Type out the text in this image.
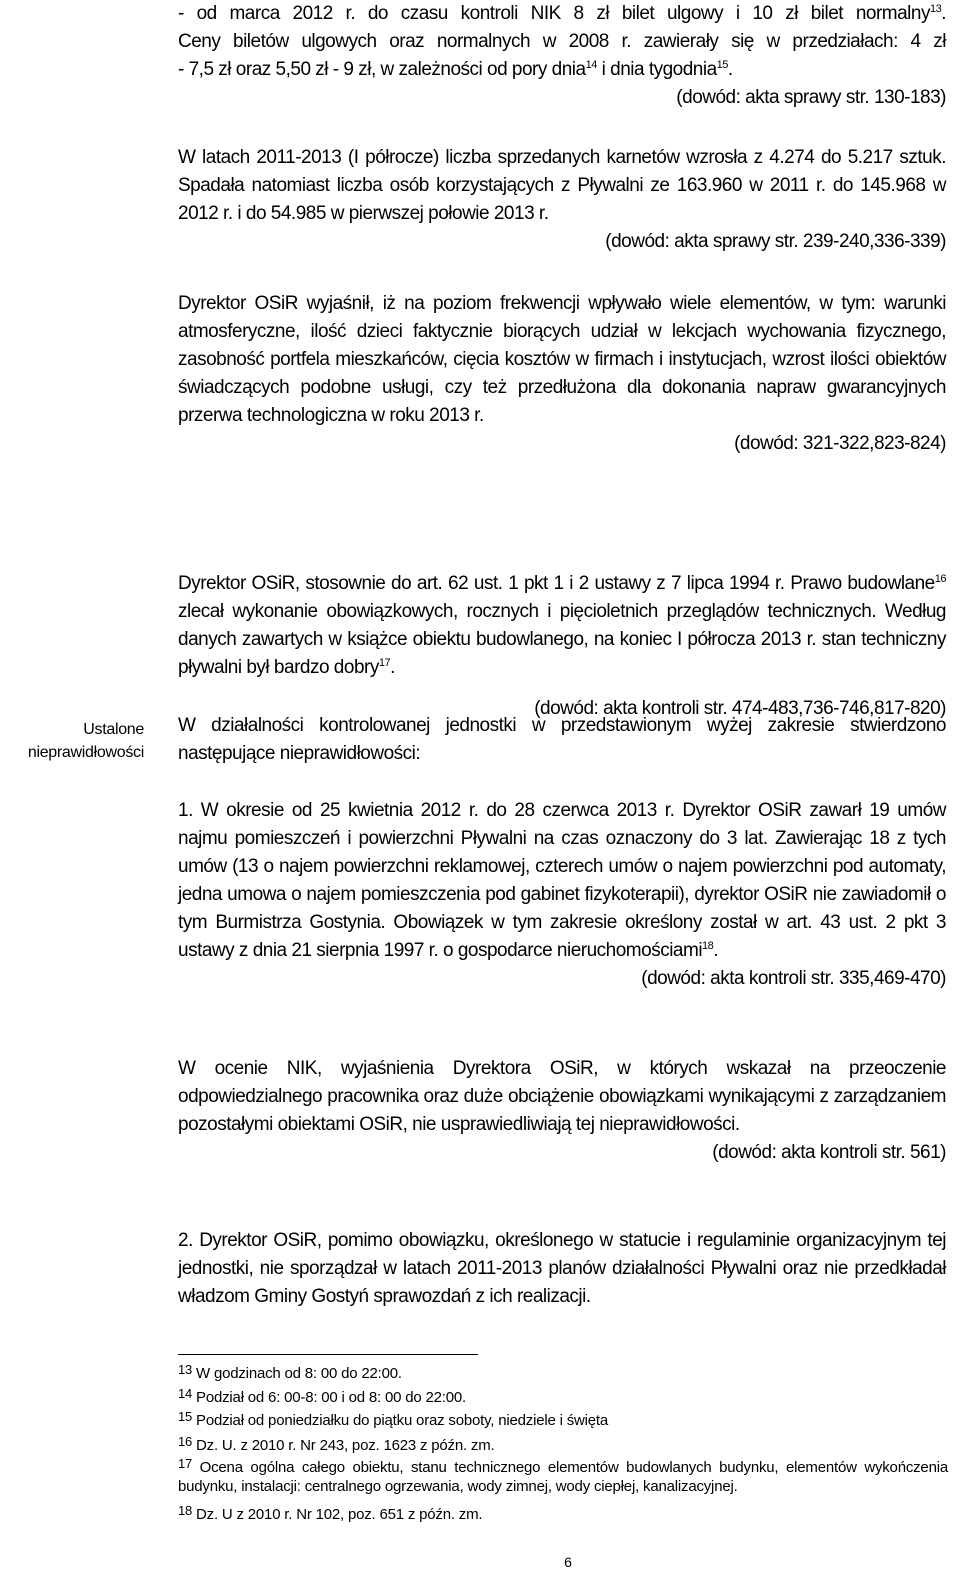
- od marca 2012 r. do czasu kontroli NIK 8 zł bilet ulgowy i 10 zł bilet normalny$^{13}$.

Ceny biletów ulgowych oraz normalnych w 2008 r. zawierały się w przedziałach: 4 zł

- 7,5 zł oraz 5,50 zł - 9 zł, w zależności od pory dnia$^{14}$ i dnia tygodnia$^{15}$.

(dowód: akta sprawy str. 130-183)

W latach 2011-2013 (I półrocze) liczba sprzedanych karnetów wzrosła z 4.274 do 5.217 sztuk. Spadała natomiast liczba osób korzystających z Pływalni ze 163.960 w 2011 r. do 145.968 w 2012 r. i do 54.985 w pierwszej połowie 2013 r.

(dowód: akta sprawy str. 239-240,336-339)

Dyrektor OSiR wyjaśnił, iż na poziom frekwencji wpływało wiele elementów, w tym: warunki atmosferyczne, ilość dzieci faktycznie biorących udział w lekcjach wychowania fizycznego, zasobność portfela mieszkańców, cięcia kosztów w firmach i instytucjach, wzrost ilości obiektów świadczących podobne usługi, czy też przedłużona dla dokonania napraw gwarancyjnych przerwa technologiczna w roku 2013 r.

(dowód: 321-322,823-824)

Dyrektor OSiR, stosownie do art. 62 ust. 1 pkt 1 i 2 ustawy z 7 lipca 1994 r. Prawo budowlane$^{16}$ zlecał wykonanie obowiązkowych, rocznych i pięcioletnich przeglądów technicznych. Według danych zawartych w książce obiektu budowlanego, na koniec I półrocza 2013 r. stan techniczny pływalni był bardzo dobry$^{17}$.

(dowód: akta kontroli str. 474-483,736-746,817-820)

Ustalone
nieprawidłowości

W działalności kontrolowanej jednostki w przedstawionym wyżej zakresie stwierdzono następujące nieprawidłowości:

1. W okresie od 25 kwietnia 2012 r. do 28 czerwca 2013 r. Dyrektor OSiR zawarł 19 umów najmu pomieszczeń i powierzchni Pływalni na czas oznaczony do 3 lat. Zawierając 18 z tych umów (13 o najem powierzchni reklamowej, czterech umów o najem powierzchni pod automaty, jedna umowa o najem pomieszczenia pod gabinet fizykoterapii), dyrektor OSiR nie zawiadomił o tym Burmistrza Gostynia. Obowiązek w tym zakresie określony został w art. 43 ust. 2 pkt 3 ustawy z dnia 21 sierpnia 1997 r. o gospodarce nieruchomościami$^{18}$.

(dowód: akta kontroli str. 335,469-470)

W ocenie NIK, wyjaśnienia Dyrektora OSiR, w których wskazał na przeoczenie odpowiedzialnego pracownika oraz duże obciążenie obowiązkami wynikającymi z zarządzaniem pozostałymi obiektami OSiR, nie usprawiedliwiają tej nieprawidłowości.

(dowód: akta kontroli str. 561)

2. Dyrektor OSiR, pomimo obowiązku, określonego w statucie i regulaminie organizacyjnym tej jednostki, nie sporządzał w latach 2011-2013 planów działalności Pływalni oraz nie przedkładał władzom Gminy Gostyń sprawozdań z ich realizacji.

13 W godzinach od 8: 00 do 22:00.
14 Podział od 6: 00-8: 00 i od 8: 00 do 22:00.
15 Podział od poniedziałku do piątku oraz soboty, niedziele i święta
16 Dz. U. z 2010 r. Nr 243, poz. 1623 z późn. zm.
17 Ocena ogólna całego obiektu, stanu technicznego elementów budowlanych budynku, elementów wykończenia budynku, instalacji: centralnego ogrzewania, wody zimnej, wody ciepłej, kanalizacyjnej.
18 Dz. U z 2010 r. Nr 102, poz. 651 z późn. zm.
6
